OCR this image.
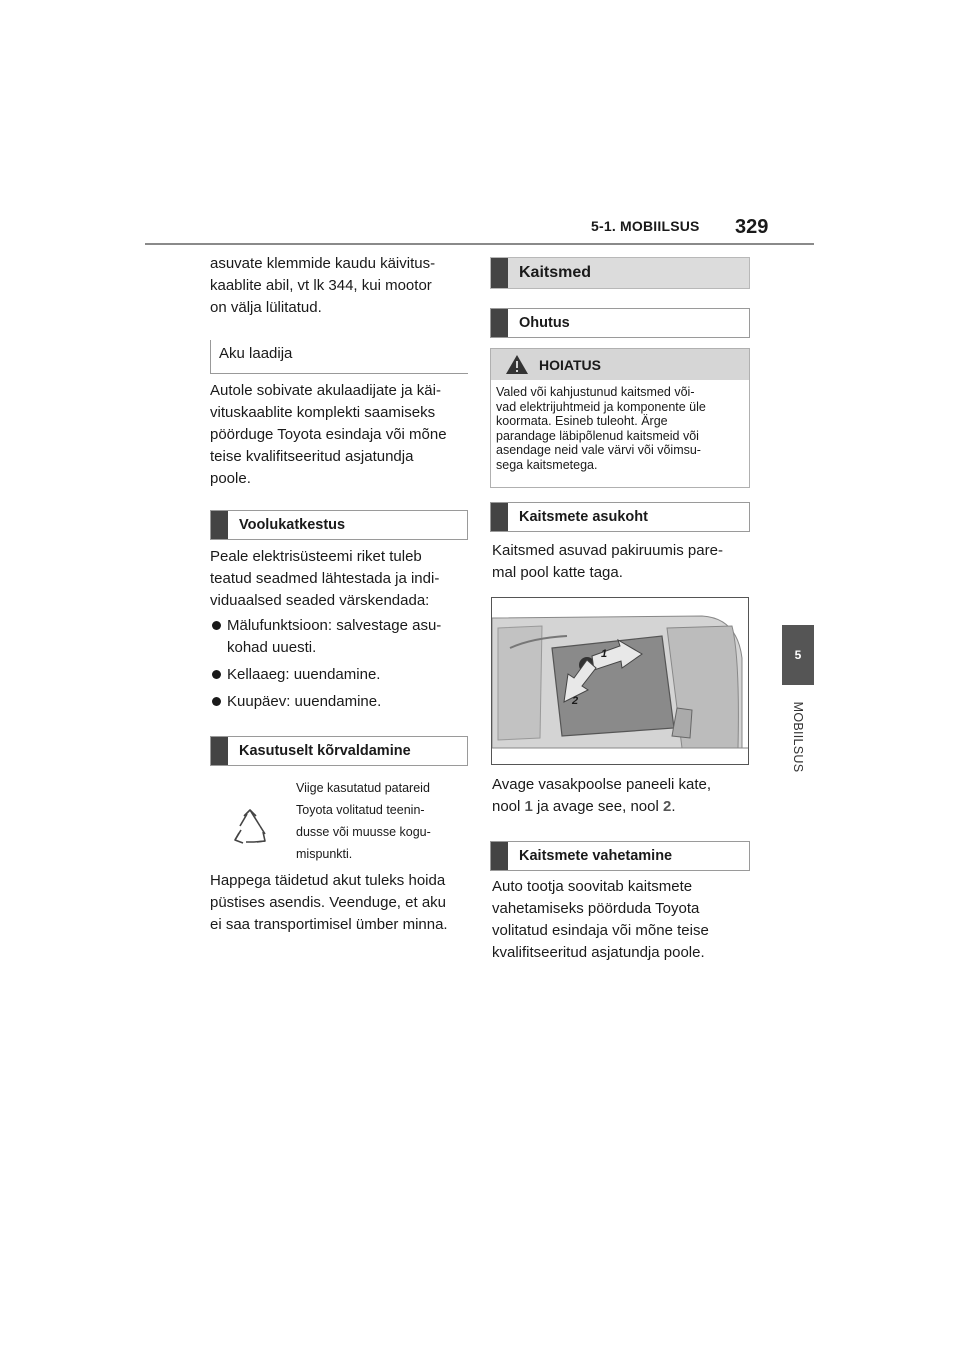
5-1. MOBIILSUS 329
5
MOBIILSUS
asuvate klemmide kaudu käivitus-
kaablite abil, vt lk 344, kui mootor
on välja lülitatud.
Aku laadija
Autole sobivate akulaadijate ja käi-
vituskaablite komplekti saamiseks
pöörduge Toyota esindaja või mõne
teise kvalifitseeritud asjatundja
poole.
Voolukatkestus
Peale elektrisüsteemi riket tuleb
teatud seadmed lähtestada ja indi-
viduaalsed seaded värskendada:
Mälufunktsioon: salvestage asu-
kohad uuesti.
Kellaaeg: uuendamine.
Kuupäev: uuendamine.
Kasutuselt kõrvaldamine
Viige kasutatud patareid
Toyota volitatud teenin-
dusse või muusse kogu-
mispunkti.
Happega täidetud akut tuleks hoida
püstises asendis. Veenduge, et aku
ei saa transportimisel ümber minna.
Kaitsmed
Ohutus
HOIATUS
Valed või kahjustunud kaitsmed või-
vad elektrijuhtmeid ja komponente üle
koormata. Esineb tuleoht. Ärge
parandage läbipõlenud kaitsmeid või
asendage neid vale värvi või võimsu-
sega kaitsmetega.
Kaitsmete asukoht
Kaitsmed asuvad pakiruumis pare-
mal pool katte taga.
1
2
Avage vasakpoolse paneeli kate,
nool 1 ja avage see, nool 2.
Kaitsmete vahetamine
Auto tootja soovitab kaitsmete
vahetamiseks pöörduda Toyota
volitatud esindaja või mõne teise
kvalifitseeritud asjatundja poole.
